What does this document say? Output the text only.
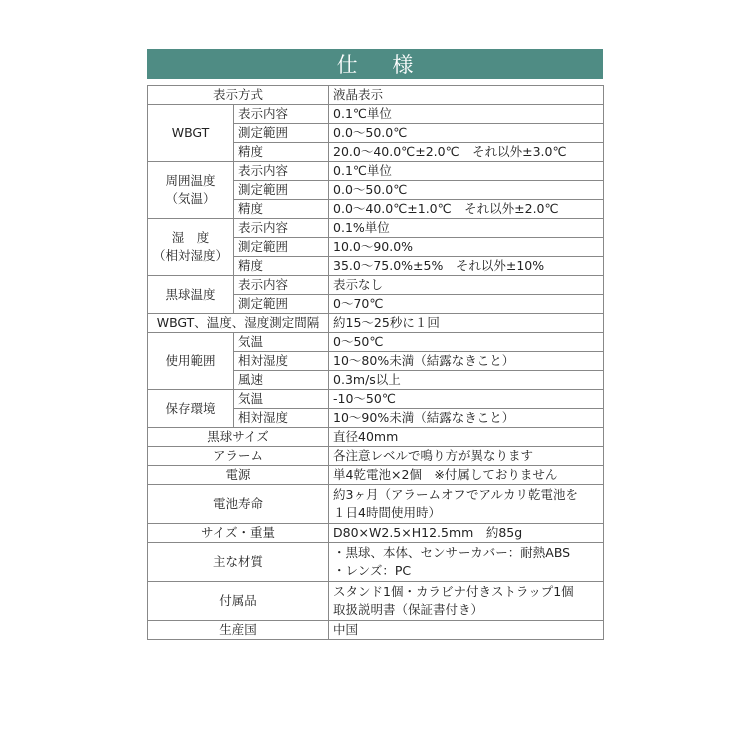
仕 様
表示方式		液晶表示
WBGT	表示内容	0.1℃単位
	測定範囲	0.0～50.0℃
	精度	20.0～40.0℃±2.0℃　それ以外±3.0℃

周囲温度
（気温）	表示内容	0.1℃単位
	測定範囲	0.0～50.0℃
	精度	0.0～40.0℃±1.0℃　それ以外±2.0℃

湿　度
（相対湿度）	表示内容	0.1%単位
	測定範囲	10.0～90.0%
	精度	35.0～75.0%±5%　それ以外±10%
黒球温度	表示内容	表示なし
	測定範囲	0～70℃
WBGT、温度、湿度測定間隔		約15～25秒に１回
使用範囲	気温	0～50℃
	相対湿度	10～80%未満（結露なきこと）
	風速	0.3m/s以上
保存環境	気温	-10～50℃
	相対湿度	10～90%未満（結露なきこと）
黒球サイズ		直径40mm
アラーム		各注意レベルで鳴り方が異なります
電源		単4乾電池×2個　※付属しておりません
電池寿命		約3ヶ月（アラームオフでアルカリ乾電池を
１日4時間使用時）

サイズ・重量		D80×W2.5×H12.5mm　約85g
主な材質		・黒球、本体、センサーカバー：耐熱ABS
・レンズ：PC

付属品		スタンド1個・カラビナ付きストラップ1個
取扱説明書（保証書付き）

生産国		中国
